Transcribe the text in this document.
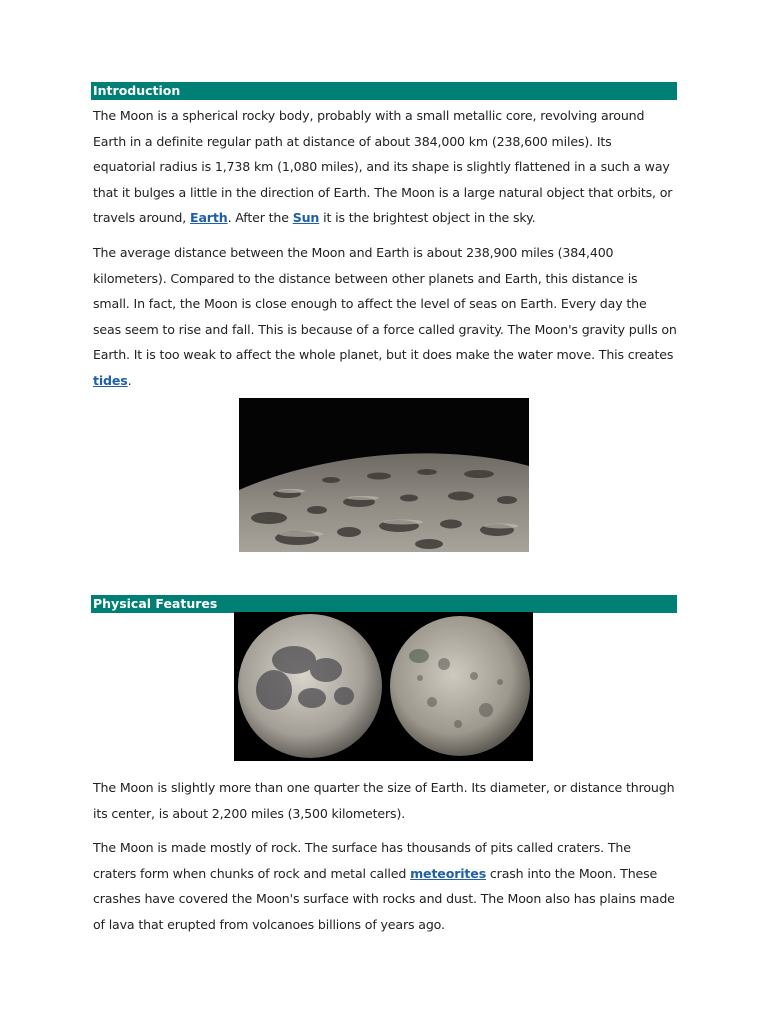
Introduction

The Moon is a spherical rocky body, probably with a small metallic core, revolving around Earth in a definite regular path at distance of about 384,000 km (238,600 miles). Its equatorial radius is 1,738 km (1,080 miles), and its shape is slightly flattened in a such a way that it bulges a little in the direction of Earth. The Moon is a large natural object that orbits, or travels around, Earth. After the Sun it is the brightest object in the sky.

The average distance between the Moon and Earth is about 238,900 miles (384,400 kilometers). Compared to the distance between other planets and Earth, this distance is small. In fact, the Moon is close enough to affect the level of seas on Earth. Every day the seas seem to rise and fall. This is because of a force called gravity. The Moon's gravity pulls on Earth. It is too weak to affect the whole planet, but it does make the water move. This creates tides.

Physical Features

The Moon is slightly more than one quarter the size of Earth. Its diameter, or distance through its center, is about 2,200 miles (3,500 kilometers).

The Moon is made mostly of rock. The surface has thousands of pits called craters. The craters form when chunks of rock and metal called meteorites crash into the Moon. These crashes have covered the Moon's surface with rocks and dust. The Moon also has plains made of lava that erupted from volcanoes billions of years ago.
